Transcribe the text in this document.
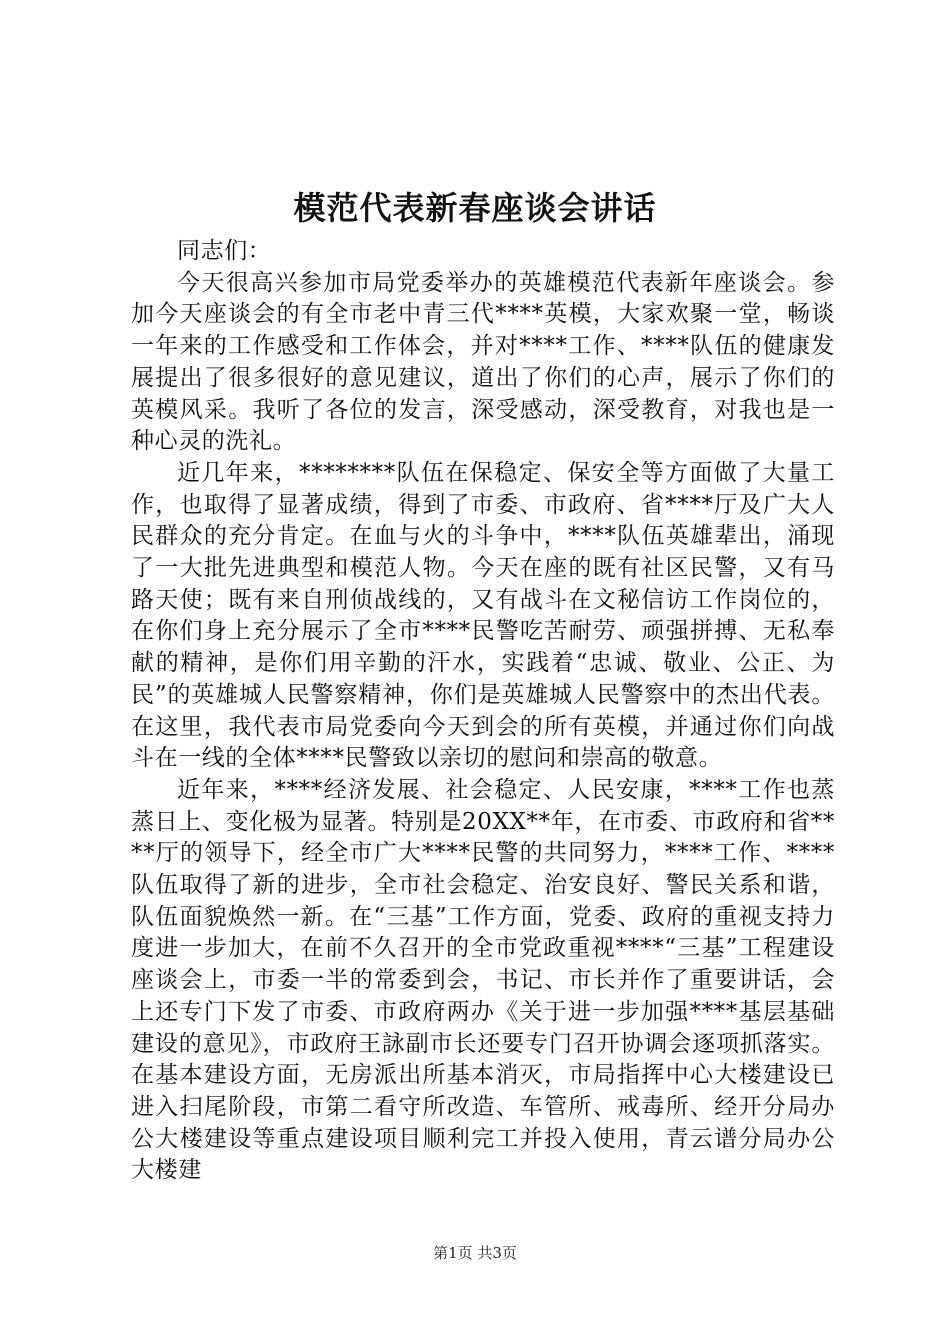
模范代表新春座谈会讲话

同志们：

今天很高兴参加市局党委举办的英雄模范代表新年座谈会。参加今天座谈会的有全市老中青三代****英模，大家欢聚一堂，畅谈一年来的工作感受和工作体会，并对****工作、****队伍的健康发展提出了很多很好的意见建议，道出了你们的心声，展示了你们的英模风采。我听了各位的发言，深受感动，深受教育，对我也是一种心灵的洗礼。

近几年来，********队伍在保稳定、保安全等方面做了大量工作，也取得了显著成绩，得到了市委、市政府、省****厅及广大人民群众的充分肯定。在血与火的斗争中，****队伍英雄辈出，涌现了一大批先进典型和模范人物。今天在座的既有社区民警，又有马路天使；既有来自刑侦战线的，又有战斗在文秘信访工作岗位的，在你们身上充分展示了全市****民警吃苦耐劳、顽强拼搏、无私奉献的精神，是你们用辛勤的汗水，实践着“忠诚、敬业、公正、为民”的英雄城人民警察精神，你们是英雄城人民警察中的杰出代表。在这里，我代表市局党委向今天到会的所有英模，并通过你们向战斗在一线的全体****民警致以亲切的慰问和崇高的敬意。

近年来，****经济发展、社会稳定、人民安康，****工作也蒸蒸日上、变化极为显著。特别是20XX**年，在市委、市政府和省****厅的领导下，经全市广大****民警的共同努力，****工作、****队伍取得了新的进步，全市社会稳定、治安良好、警民关系和谐，队伍面貌焕然一新。在“三基”工作方面，党委、政府的重视支持力度进一步加大，在前不久召开的全市党政重视****“三基”工程建设座谈会上，市委一半的常委到会，书记、市长并作了重要讲话，会上还专门下发了市委、市政府两办《关于进一步加强****基层基础建设的意见》，市政府王詠副市长还要专门召开协调会逐项抓落实。在基本建设方面，无房派出所基本消灭，市局指挥中心大楼建设已进入扫尾阶段，市第二看守所改造、车管所、戒毒所、经开分局办公大楼建设等重点建设项目顺利完工并投入使用，青云谱分局办公大楼建

第1页 共3页
